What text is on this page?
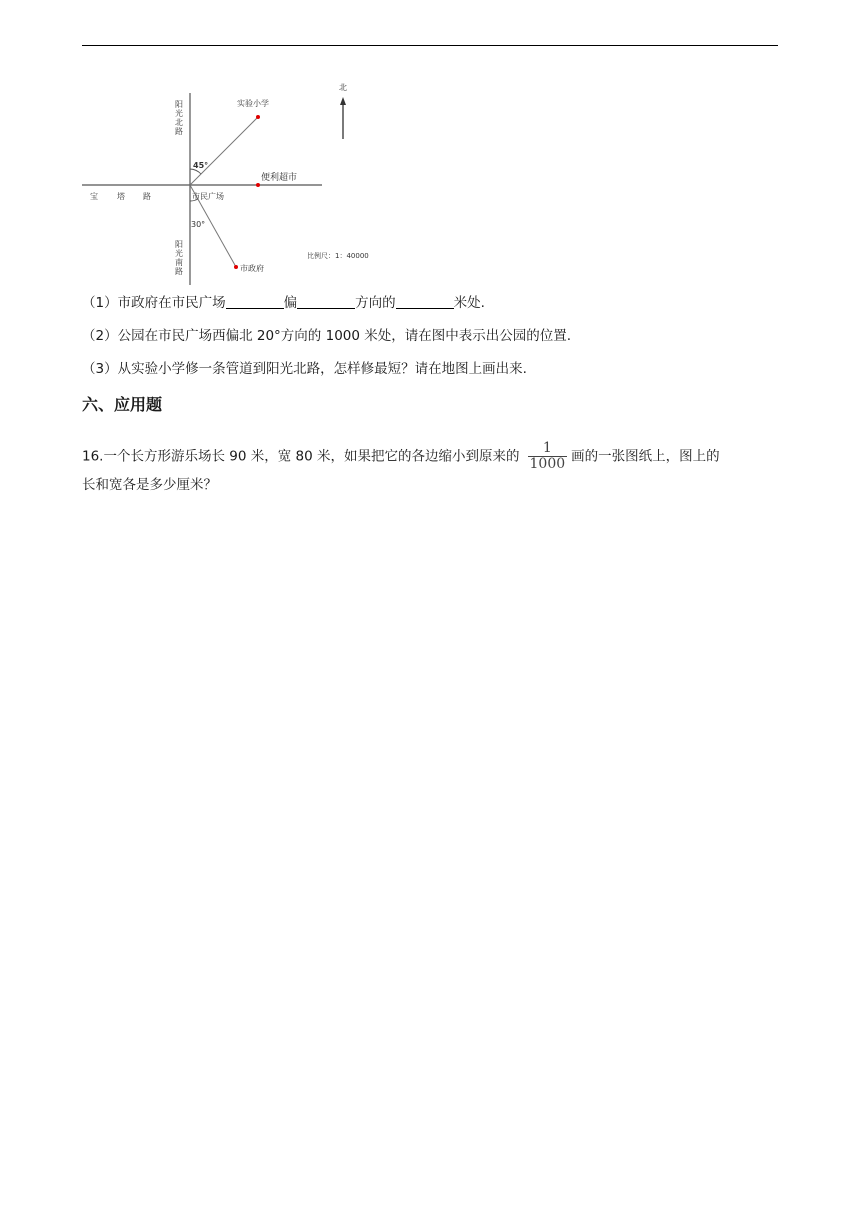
北
阳
光
北
路
阳
光
南
路
宝 塔 路
实验小学
便利超市
市民广场
市政府
45°
30°
比例尺：1：40000
（1）市政府在市民广场	偏	方向的	米处.
（2）公园在市民广场西偏北 20°方向的 1000 米处，请在图中表示出公园的位置.
（3）从实验小学修一条管道到阳光北路，怎样修最短？请在地图上画出来.
六、应用题
16.一个长方形游乐场长 90 米，宽 80 米，如果把它的各边缩小到原来的 $\frac{1}{1000}$ 画的一张图纸上，图上的
长和宽各是多少厘米？
